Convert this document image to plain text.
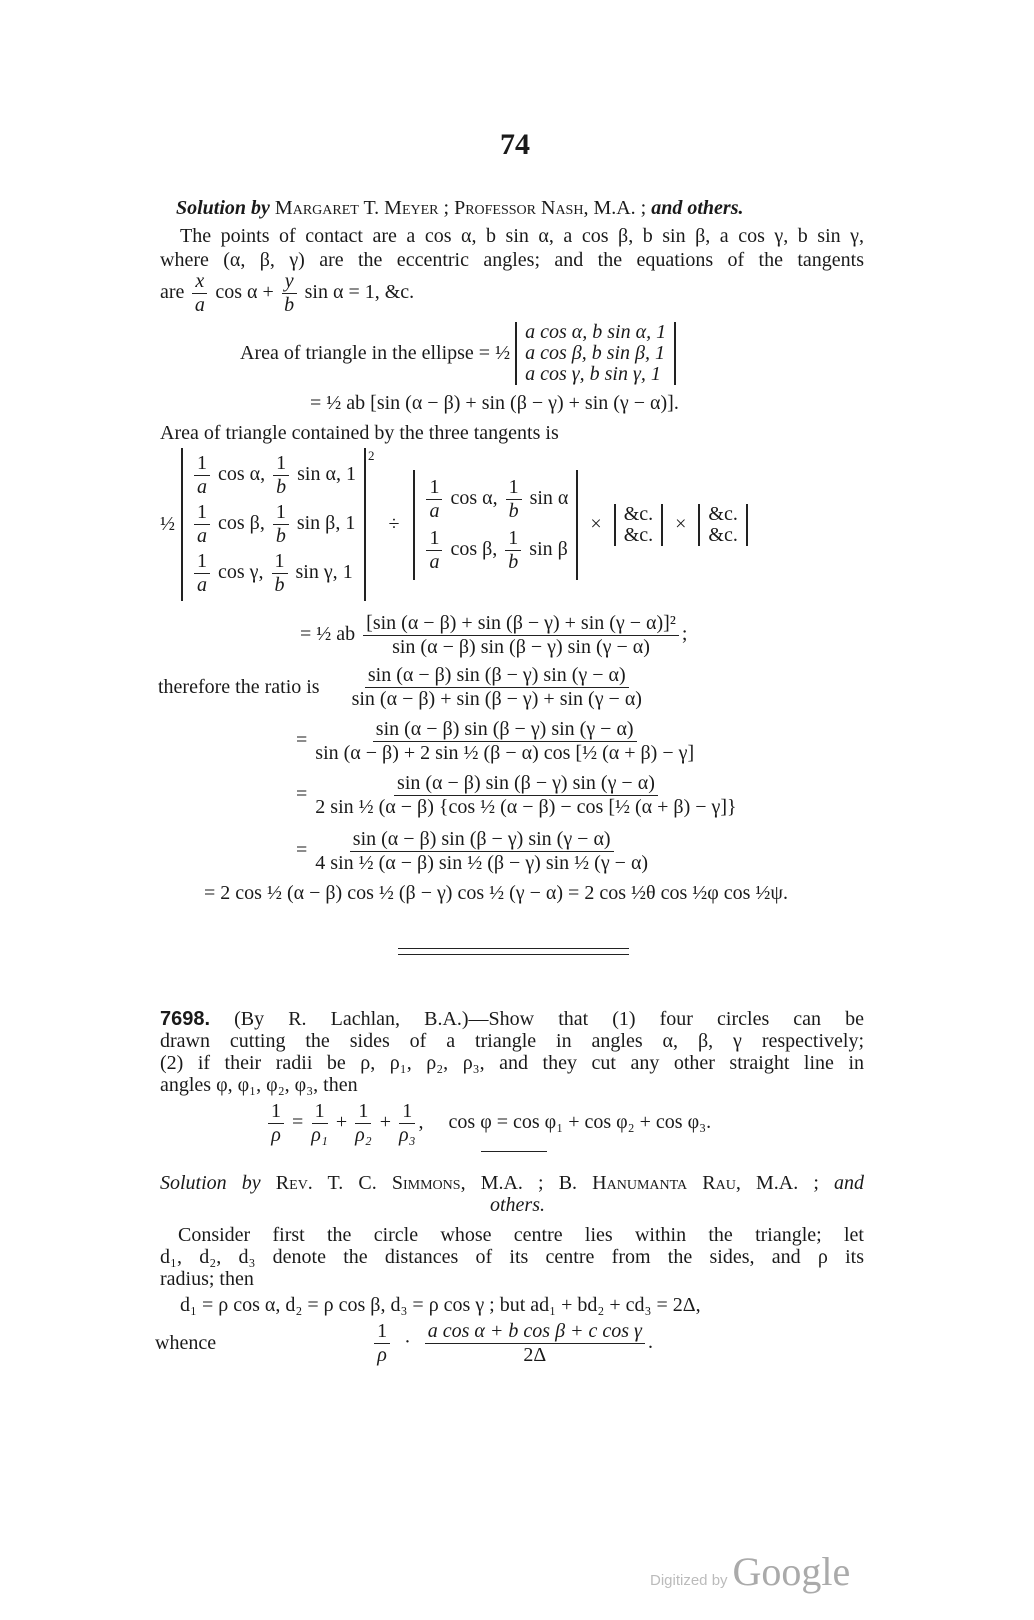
74
Solution by Margaret T. Meyer ; Professor Nash, M.A. ; and others.
The points of contact are a cos α, b sin α, a cos β, b sin β, a cos γ, b sin γ,
where (α, β, γ) are the eccentric angles; and the equations of the tangents
are $\frac{x}{a}$ $\cos \alpha + \frac{y}{b}$ sin α = 1, &c.
Area of triangle in the ellipse = ½
a cos α, b sin α, 1
a cos β, b sin β, 1
a cos γ, b sin γ, 1
= ½ ab [sin (α − β) + sin (β − γ) + sin (γ − α)].
Area of triangle contained by the three tangents is
½
$\frac{1}{a}$ cos α, $\frac{1}{b}$ sin α, 1
$\frac{1}{a}$ cos β, $\frac{1}{b}$ sin β, 1
$\frac{1}{a}$ cos γ, $\frac{1}{b}$ sin γ, 1
2
÷
$\frac{1}{a}$ cos α, $\frac{1}{b}$ sin α
$\frac{1}{a}$ cos β, $\frac{1}{b}$ sin β
× &c.
&c. × &c.
&c.
= ½ ab $\frac{\text{[sin (α − β) + sin (β − γ) + sin (γ − α)]²}}{\sin (\alpha - \beta) \sin (\beta - \gamma) \sin (\gamma - \alpha)}$ ;
therefore the ratio is $\frac{\sin (\alpha - \beta) \sin (\beta - \gamma) \sin (\gamma - \alpha)}{\sin (\alpha - \beta) + \sin (\beta - \gamma) + \sin (\gamma - \alpha)}$
= $\frac{\sin (\alpha - \beta) \sin (\beta - \gamma) \sin (\gamma - \alpha)}{\text{sin (α − β) + 2 sin ½ (β − α) cos [½ (α + β) − γ]}}$
= $\frac{\sin (\alpha - \beta) \sin (\beta - \gamma) \sin (\gamma - \alpha)}{\text{2 sin ½ (α − β) \{cos ½ (α − β) − cos [½ (α + β) − γ]\}}}$
= $\frac{\sin (\alpha - \beta) \sin (\beta - \gamma) \sin (\gamma - \alpha)}{\text{4 sin ½ (α − β) sin ½ (β − γ) sin ½ (γ − α)}}$
= 2 cos ½ (α − β) cos ½ (β − γ) cos ½ (γ − α) = 2 cos ½θ cos ½φ cos ½ψ.
7698. (By R. Lachlan, B.A.)—Show that (1) four circles can be
drawn cutting the sides of a triangle in angles α, β, γ respectively;
(2) if their radii be ρ, ρ₁, ρ₂, ρ₃, and they cut any other straight line in
angles φ, φ₁, φ₂, φ₃, then
$\frac{1}{\rho} = \frac{1}{\text{ρ₁}} + \frac{1}{\text{ρ₂}} + \frac{1}{\text{ρ₃}}$ , cos φ = cos φ₁ + cos φ₂ + cos φ₃.
Solution by Rev. T. C. Simmons, M.A. ; B. Hanumanta Rau, M.A. ; and
others.
Consider first the circle whose centre lies within the triangle; let
d₁, d₂, d₃ denote the distances of its centre from the sides, and ρ its
radius; then
d₁ = ρ cos α, d₂ = ρ cos β, d₃ = ρ cos γ ; but ad₁ + bd₂ + cd₃ = 2Δ,
whence	$\frac{1}{\rho} \cdot \frac{\text{a cos α + b cos β + c cos γ}}{2\Delta}$ .
Digitized by Google
